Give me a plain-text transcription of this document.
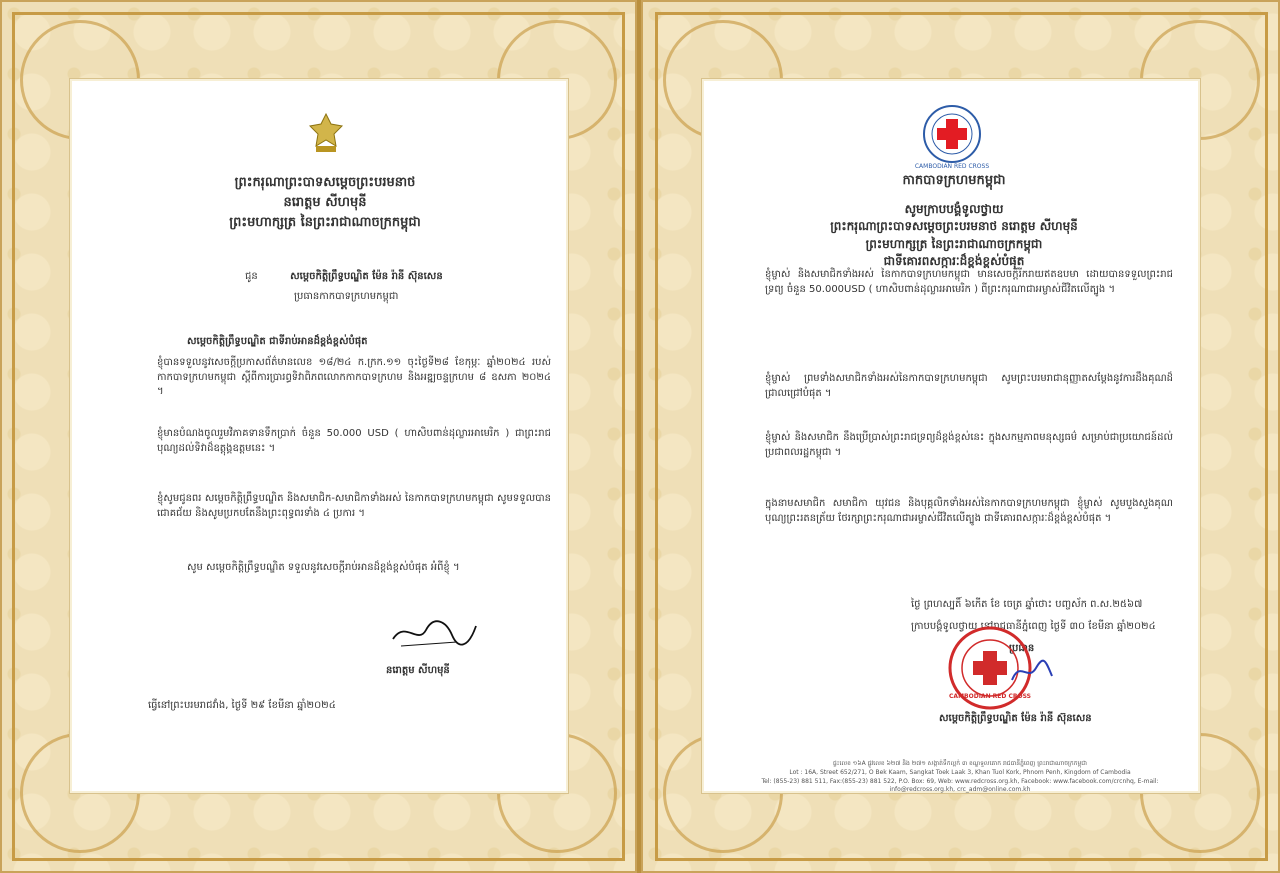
ព្រះករុណាព្រះបាទសម្តេចព្រះបរមនាថ
នរោត្តម សីហមុនី
ព្រះមហាក្សត្រ នៃព្រះរាជាណាចក្រកម្ពុជា
ជូន	សម្តេចកិត្តិព្រឹទ្ធបណ្ឌិត ម៉ែន រ៉ានី ស៊ុនសេន
ប្រធានកាកបាទក្រហមកម្ពុជា
សម្តេចកិត្តិព្រឹទ្ធបណ្ឌិត ជាទីរាប់អានដ៏ខ្ពង់ខ្ពស់បំផុត
ខ្ញុំបានទទួលនូវសេចក្តីប្រកាសព័ត៌មានលេខ ១៨/២៤ ក.ក្រក.១១ ចុះថ្ងៃទី២៨ ខែកុម្ភៈ ឆ្នាំ២០២៤ របស់កាកបាទក្រហមកម្ពុជា ស្តីពីការប្រារព្ធទិវាពិភពលោកកាកបាទក្រហម និងអឌ្ឍចន្ទក្រហម ៨ ឧសភា ២០២៤ ។
ខ្ញុំមានបំណងចូលរួមវិភាគទានទឹកប្រាក់ ចំនួន 50.000 USD ( ហាសិបពាន់ដុល្លារអាមេរិក ) ជាព្រះរាជបុណ្យដល់ទិវាដ៏ឧត្តុង្គឧត្តមនេះ ។
ខ្ញុំសូមជូនពរ សម្តេចកិត្តិព្រឹទ្ធបណ្ឌិត និងសមាជិក-សមាជិកាទាំងអស់ នៃកាកបាទក្រហមកម្ពុជា សូមទទួលបានជោគជ័យ និងសូមប្រកបតែនឹងព្រះពុទ្ធពរទាំង ៤ ប្រការ ។
សូម សម្តេចកិត្តិព្រឹទ្ធបណ្ឌិត ទទួលនូវសេចក្តីរាប់អានដ៏ខ្ពង់ខ្ពស់បំផុត អំពីខ្ញុំ ។
នរោត្តម សីហមុនី
ធ្វើនៅព្រះបរមរាជវាំង, ថ្ងៃទី ២៩ ខែមីនា ឆ្នាំ២០២៤
CAMBODIAN RED CROSS
កាកបាទក្រហមកម្ពុជា
សូមក្រាបបង្គំទូលថ្វាយ
ព្រះករុណាព្រះបាទសម្តេចព្រះបរមនាថ នរោត្តម សីហមុនី
ព្រះមហាក្សត្រ នៃព្រះរាជាណាចក្រកម្ពុជា
ជាទីគោរពសក្ការៈដ៏ខ្ពង់ខ្ពស់បំផុត
ខ្ញុំម្ចាស់ និងសមាជិកទាំងអស់ នៃកាកបាទក្រហមកម្ពុជា មានសេចក្តីរីករាយឥតឧបមា ដោយបានទទួលព្រះរាជទ្រព្យ ចំនួន 50.000USD ( ហាសិបពាន់ដុល្លារអាមេរិក ) ពីព្រះករុណាជាអម្ចាស់ជីវិតលើត្បូង ។
ខ្ញុំម្ចាស់ ព្រមទាំងសមាជិកទាំងអស់នៃកាកបាទក្រហមកម្ពុជា សូមព្រះបរមរាជានុញ្ញាតសម្តែងនូវការដឹងគុណដ៏ជ្រាលជ្រៅបំផុត ។
ខ្ញុំម្ចាស់ និងសមាជិក នឹងប្រើប្រាស់ព្រះរាជទ្រព្យដ៏ខ្ពង់ខ្ពស់នេះ ក្នុងសកម្មភាពមនុស្សធម៌ សម្រាប់ជាប្រយោជន៍ដល់ប្រជាពលរដ្ឋកម្ពុជា ។
ក្នុងនាមសមាជិក សមាជិកា យុវជន និងបុគ្គលិកទាំងអស់នៃកាកបាទក្រហមកម្ពុជា ខ្ញុំម្ចាស់ សូមបួងសួងគុណបុណ្យព្រះរតនត្រ័យ ថែរក្សាព្រះករុណាជាអម្ចាស់ជីវិតលើត្បូង ជាទីគោរពសក្ការៈដ៏ខ្ពង់ខ្ពស់បំផុត ។
ថ្ងៃ ព្រហស្បតិ៍ ៦កើត ខែ ចេត្រ ឆ្នាំថោះ បញ្ចស័ក ព.ស.២៥៦៧
ក្រាបបង្គំទូលថ្វាយ នៅរាជធានីភ្នំពេញ ថ្ងៃទី ៣០ ខែមីនា ឆ្នាំ២០២៤
ប្រធាន
CAMBODIAN RED CROSS
សម្តេចកិត្តិព្រឹទ្ធបណ្ឌិត ម៉ែន រ៉ានី ស៊ុនសេន
ផ្ទះលេខ ១៦A ផ្លូវលេខ ៦២៧ និង ២៧១ សង្កាត់ទឹកល្អក់ ៣ ខណ្ឌទួលគោក រាជធានីភ្នំពេញ ព្រះរាជាណាចក្រកម្ពុជា
Lot : 16A, Street 652/271, O Bek Kaam, Sangkat Toek Laak 3, Khan Tuol Kork, Phnom Penh, Kingdom of Cambodia
Tel: (855-23) 881 511, Fax:(855-23) 881 522, P.O. Box: 69, Web: www.redcross.org.kh, Facebook: www.facebook.com/crcnhq, E-mail: info@redcross.org.kh, crc_adm@online.com.kh
